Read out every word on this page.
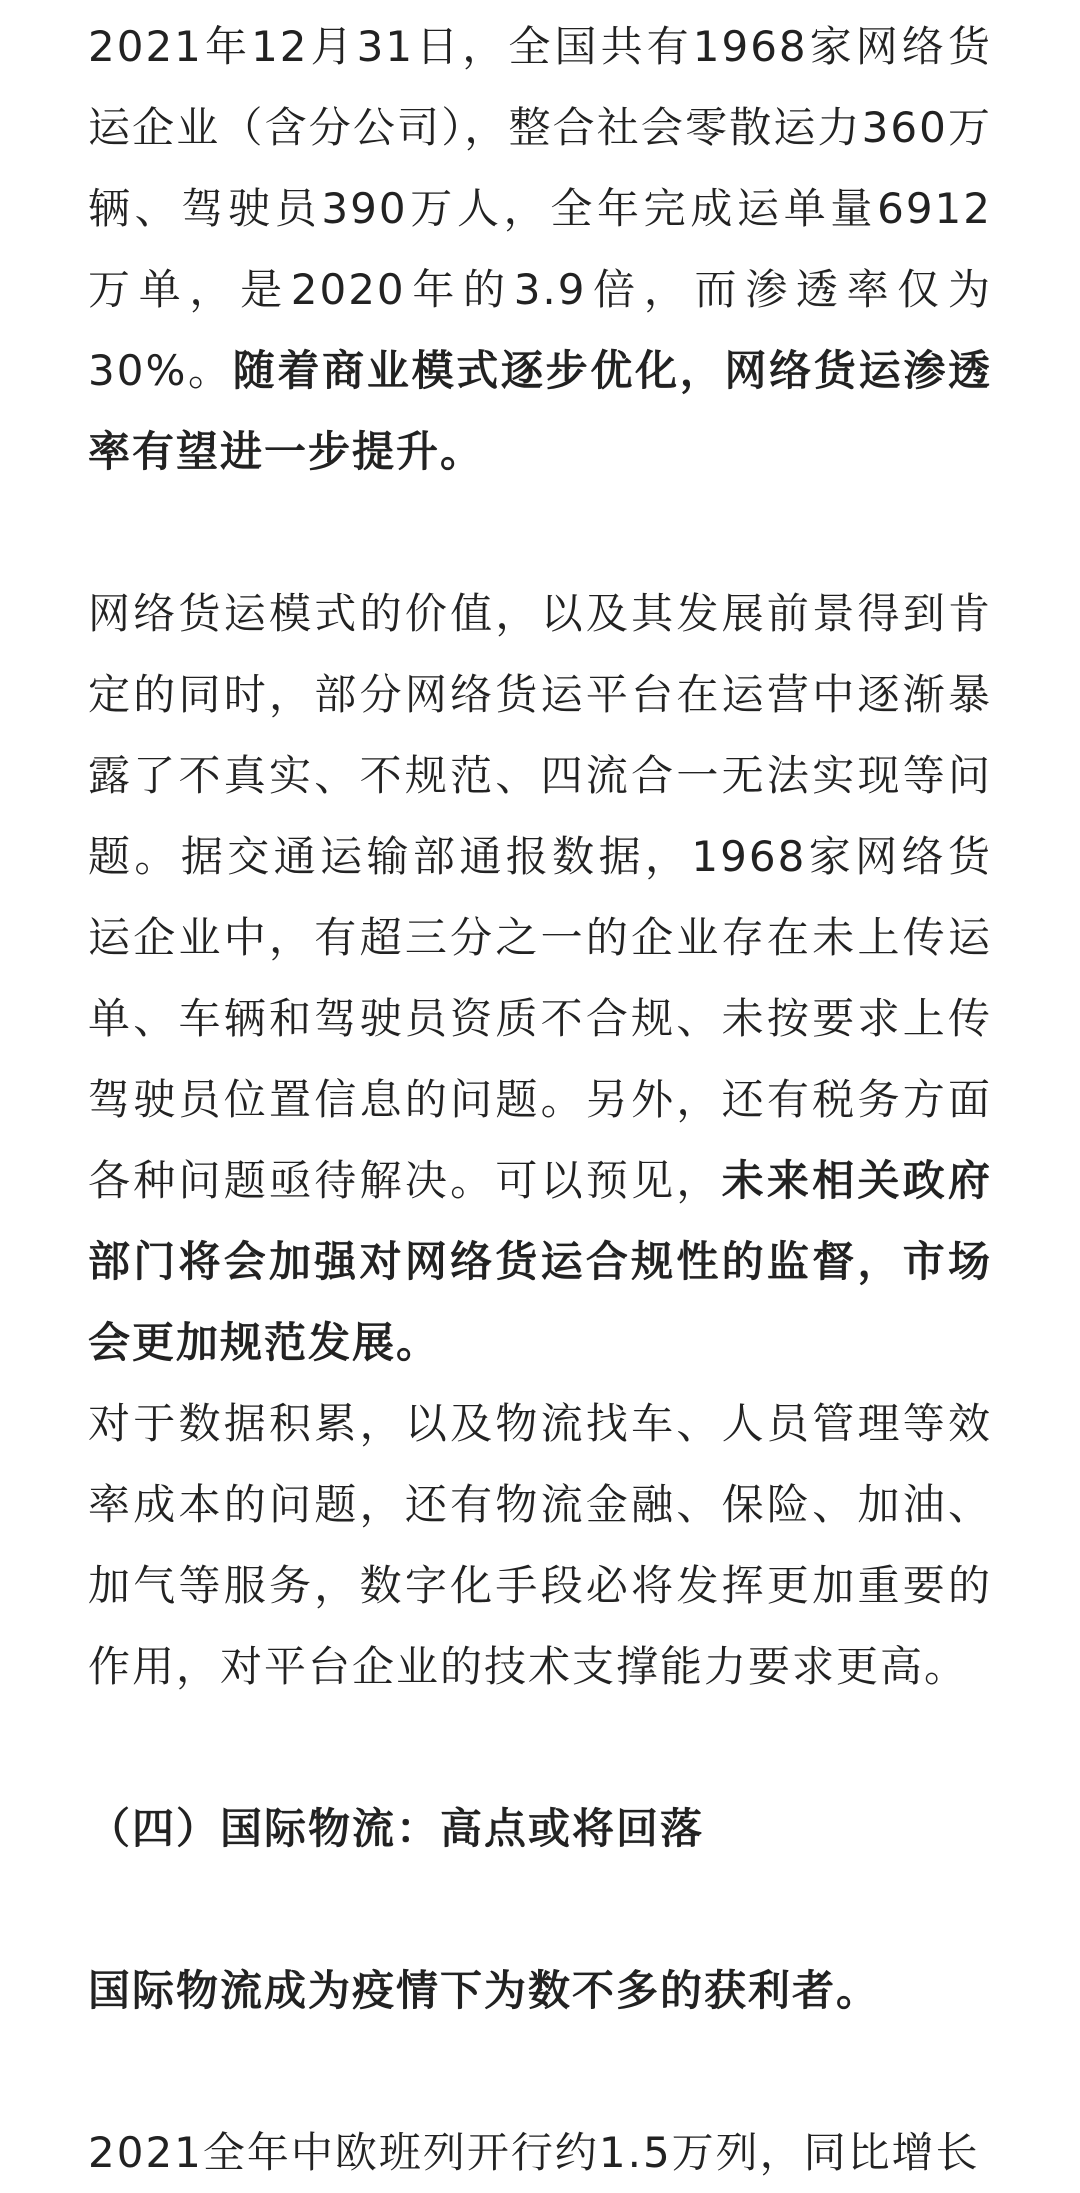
2021年12月31日，全国共有1968家网络货运企业（含分公司），整合社会零散运力360万辆、驾驶员390万人，全年完成运单量6912万单，是2020年的3.9倍，而渗透率仅为30%。随着商业模式逐步优化，网络货运渗透率有望进一步提升。

网络货运模式的价值，以及其发展前景得到肯定的同时，部分网络货运平台在运营中逐渐暴露了不真实、不规范、四流合一无法实现等问题。据交通运输部通报数据，1968家网络货运企业中，有超三分之一的企业存在未上传运单、车辆和驾驶员资质不合规、未按要求上传驾驶员位置信息的问题。另外，还有税务方面各种问题亟待解决。可以预见，未来相关政府部门将会加强对网络货运合规性的监督，市场会更加规范发展。

对于数据积累，以及物流找车、人员管理等效率成本的问题，还有物流金融、保险、加油、加气等服务，数字化手段必将发挥更加重要的作用，对平台企业的技术支撑能力要求更高。

（四）国际物流：高点或将回落

国际物流成为疫情下为数不多的获利者。

2021全年中欧班列开行约1.5万列，同比增长
